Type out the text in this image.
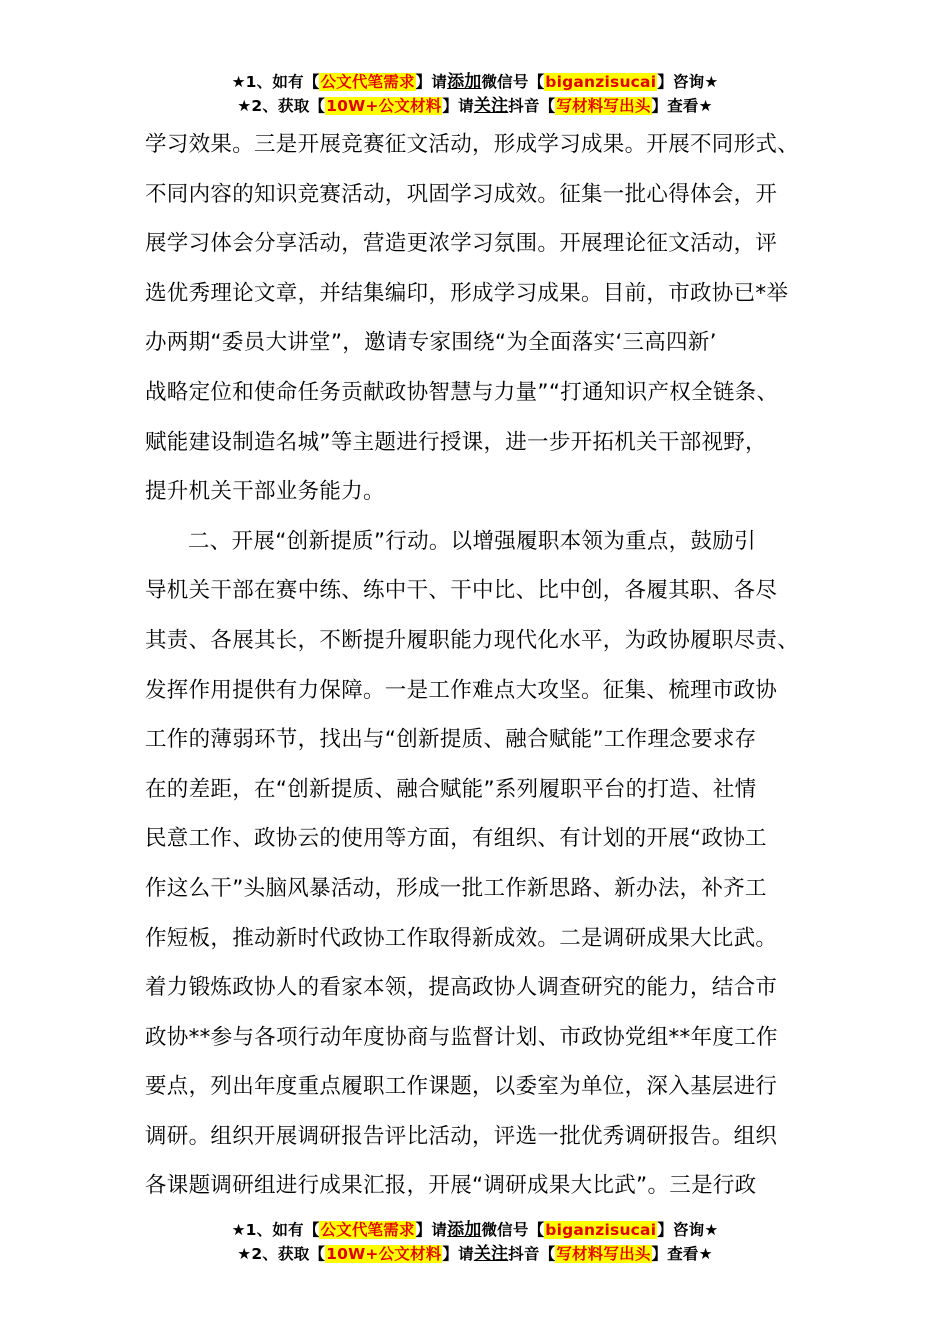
★1、如有【公文代笔需求】请添加微信号【biganzisucai】咨询★
★2、获取【10W+公文材料】请关注抖音【写材料写出头】查看★
学习效果。三是开展竞赛征文活动，形成学习成果。开展不同形式、
不同内容的知识竞赛活动，巩固学习成效。征集一批心得体会，开
展学习体会分享活动，营造更浓学习氛围。开展理论征文活动，评
选优秀理论文章，并结集编印，形成学习成果。目前，市政协已*举
办两期“委员大讲堂”，邀请专家围绕“为全面落实‘三高四新’
战略定位和使命任务贡献政协智慧与力量”“打通知识产权全链条、
赋能建设制造名城”等主题进行授课，进一步开拓机关干部视野，
提升机关干部业务能力。
二、开展“创新提质”行动。以增强履职本领为重点，鼓励引
导机关干部在赛中练、练中干、干中比、比中创，各履其职、各尽
其责、各展其长，不断提升履职能力现代化水平，为政协履职尽责、
发挥作用提供有力保障。一是工作难点大攻坚。征集、梳理市政协
工作的薄弱环节，找出与“创新提质、融合赋能”工作理念要求存
在的差距，在“创新提质、融合赋能”系列履职平台的打造、社情
民意工作、政协云的使用等方面，有组织、有计划的开展“政协工
作这么干”头脑风暴活动，形成一批工作新思路、新办法，补齐工
作短板，推动新时代政协工作取得新成效。二是调研成果大比武。
着力锻炼政协人的看家本领，提高政协人调查研究的能力，结合市
政协**参与各项行动年度协商与监督计划、市政协党组**年度工作
要点，列出年度重点履职工作课题，以委室为单位，深入基层进行
调研。组织开展调研报告评比活动，评选一批优秀调研报告。组织
各课题调研组进行成果汇报，开展“调研成果大比武”。三是行政
★1、如有【公文代笔需求】请添加微信号【biganzisucai】咨询★
★2、获取【10W+公文材料】请关注抖音【写材料写出头】查看★
